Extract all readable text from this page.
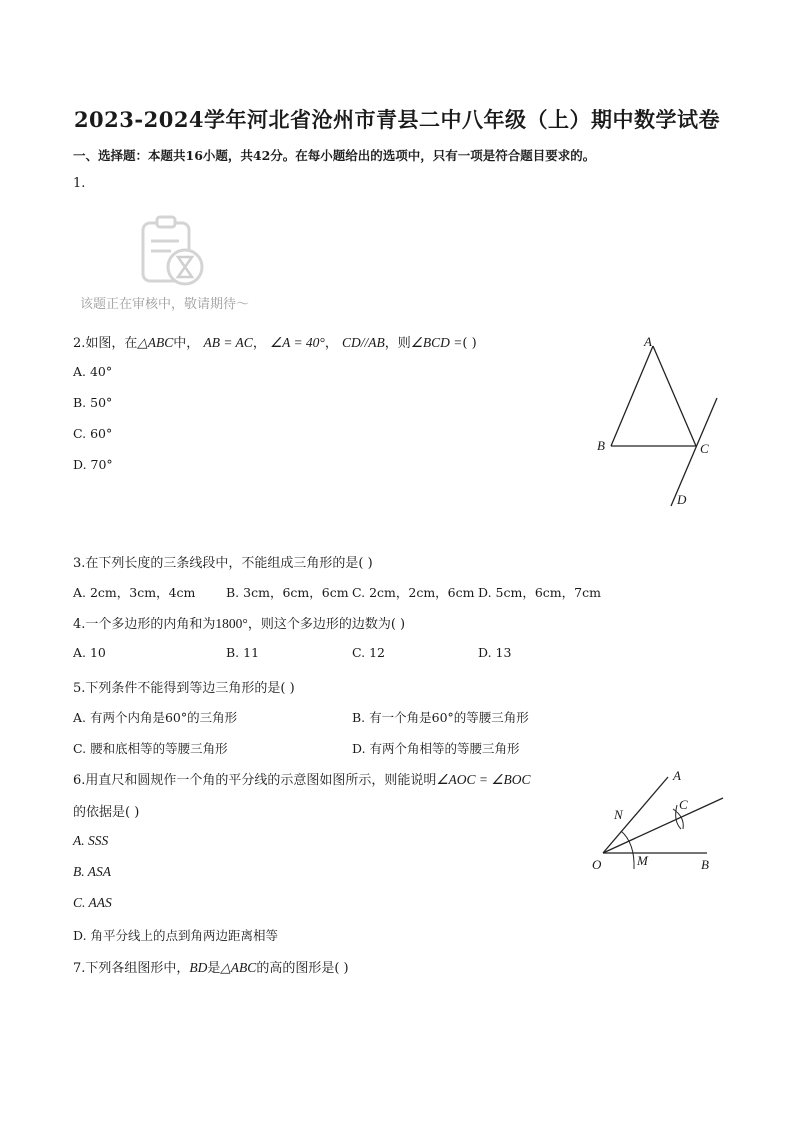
2023-2024学年河北省沧州市青县二中八年级（上）期中数学试卷
一、选择题：本题共16小题，共42分。在每小题给出的选项中，只有一项是符合题目要求的。
1.
该题正在审核中，敬请期待～
2.如图，在△ABC中， AB = AC， ∠A = 40°， CD//AB，则∠BCD =( )
A. 40°
B. 50°
C. 60°
D. 70°
A
B	C
D
3.在下列长度的三条线段中，不能组成三角形的是( )
A. 2cm，3cm，4cm B. 3cm，6cm，6cm C. 2cm，2cm，6cm D. 5cm，6cm，7cm
4.一个多边形的内角和为1800°，则这个多边形的边数为( )
A. 10	B. 11	C. 12	D. 13
5.下列条件不能得到等边三角形的是( )
A. 有两个内角是60°的三角形	B. 有一个角是60°的等腰三角形
C. 腰和底相等的等腰三角形	D. 有两个角相等的等腰三角形
6.用直尺和圆规作一个角的平分线的示意图如图所示，则能说明∠AOC = ∠BOC
的依据是( )
A. SSS
B. ASA
C. AAS
D. 角平分线上的点到角两边距离相等
A
C
N
M
O	B
7.下列各组图形中，BD是△ABC的高的图形是( )
